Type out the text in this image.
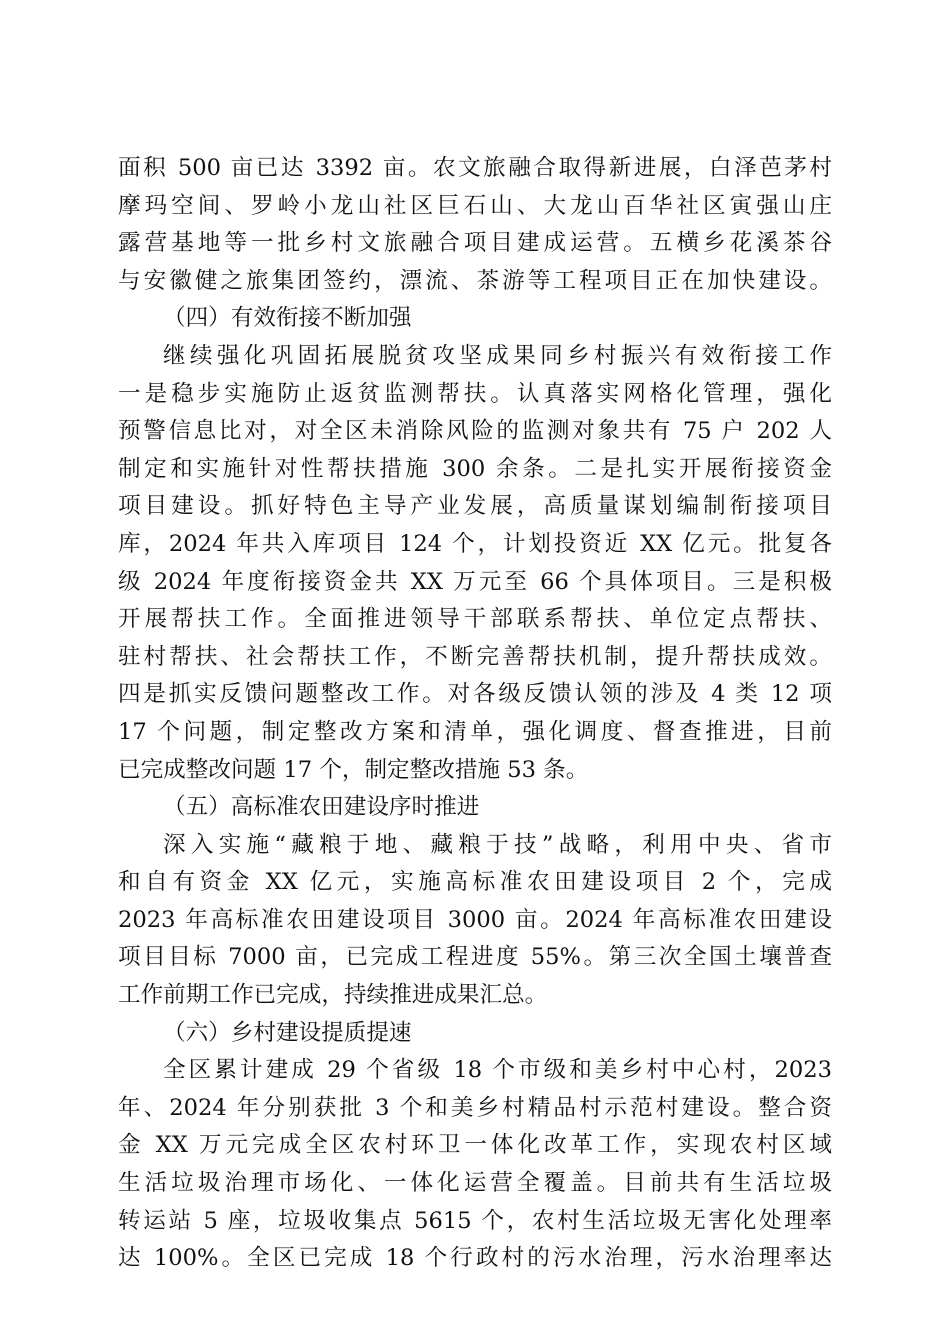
面积 500 亩已达 3392 亩。农文旅融合取得新进展，白泽芭茅村
摩玛空间、罗岭小龙山社区巨石山、大龙山百华社区寅强山庄
露营基地等一批乡村文旅融合项目建成运营。五横乡花溪茶谷
与安徽健之旅集团签约，漂流、茶游等工程项目正在加快建设。
（四）有效衔接不断加强
继续强化巩固拓展脱贫攻坚成果同乡村振兴有效衔接工作
一是稳步实施防止返贫监测帮扶。认真落实网格化管理，强化
预警信息比对，对全区未消除风险的监测对象共有 75 户 202 人
制定和实施针对性帮扶措施 300 余条。二是扎实开展衔接资金
项目建设。抓好特色主导产业发展，高质量谋划编制衔接项目
库，2024 年共入库项目 124 个，计划投资近 XX 亿元。批复各
级 2024 年度衔接资金共 XX 万元至 66 个具体项目。三是积极
开展帮扶工作。全面推进领导干部联系帮扶、单位定点帮扶、
驻村帮扶、社会帮扶工作，不断完善帮扶机制，提升帮扶成效。
四是抓实反馈问题整改工作。对各级反馈认领的涉及 4 类 12 项
17 个问题，制定整改方案和清单，强化调度、督查推进，目前
已完成整改问题 17 个，制定整改措施 53 条。
（五）高标准农田建设序时推进
深入实施“藏粮于地、藏粮于技”战略，利用中央、省市
和自有资金 XX 亿元，实施高标准农田建设项目 2 个，完成
2023 年高标准农田建设项目 3000 亩。2024 年高标准农田建设
项目目标 7000 亩，已完成工程进度 55%。第三次全国土壤普查
工作前期工作已完成，持续推进成果汇总。
（六）乡村建设提质提速
全区累计建成 29 个省级 18 个市级和美乡村中心村，2023
年、2024 年分别获批 3 个和美乡村精品村示范村建设。整合资
金 XX 万元完成全区农村环卫一体化改革工作，实现农村区域
生活垃圾治理市场化、一体化运营全覆盖。目前共有生活垃圾
转运站 5 座，垃圾收集点 5615 个，农村生活垃圾无害化处理率
达 100%。全区已完成 18 个行政村的污水治理，污水治理率达
